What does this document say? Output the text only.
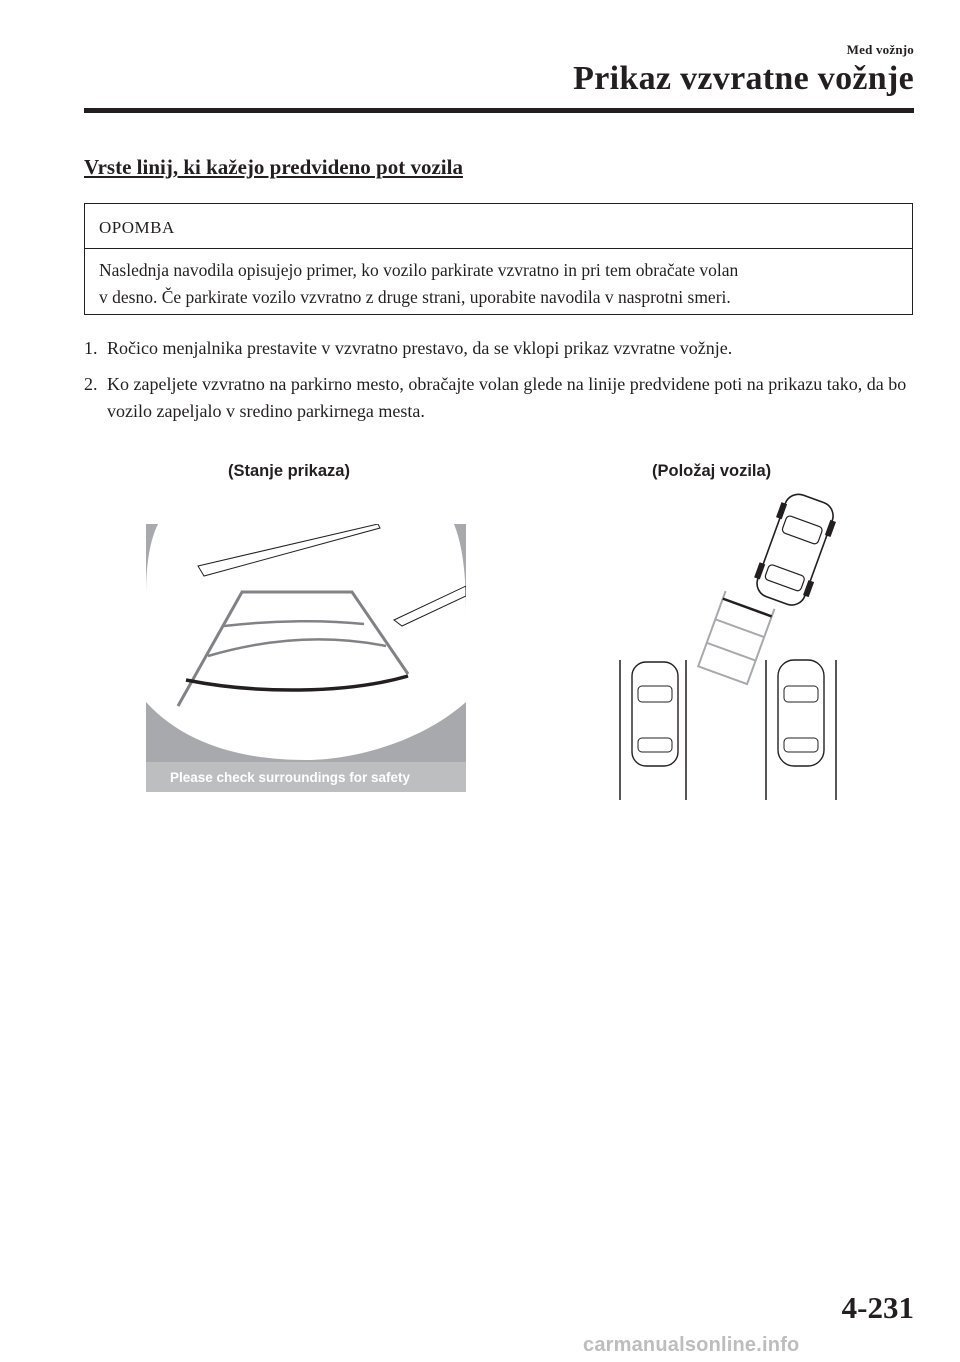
Med vožnjo
Prikaz vzvratne vožnje
Vrste linij, ki kažejo predvideno pot vozila
OPOMBA
Naslednja navodila opisujejo primer, ko vozilo parkirate vzvratno in pri tem obračate volan
v desno. Če parkirate vozilo vzvratno z druge strani, uporabite navodila v nasprotni smeri.
1. Ročico menjalnika prestavite v vzvratno prestavo, da se vklopi prikaz vzvratne vožnje.
2. Ko zapeljete vzvratno na parkirno mesto, obračajte volan glede na linije predvidene poti na prikazu tako, da bo vozilo zapeljalo v sredino parkirnega mesta.
(Stanje prikaza)	(Položaj vozila)
Please check surroundings for safety
4-231
carmanualsonline.info
